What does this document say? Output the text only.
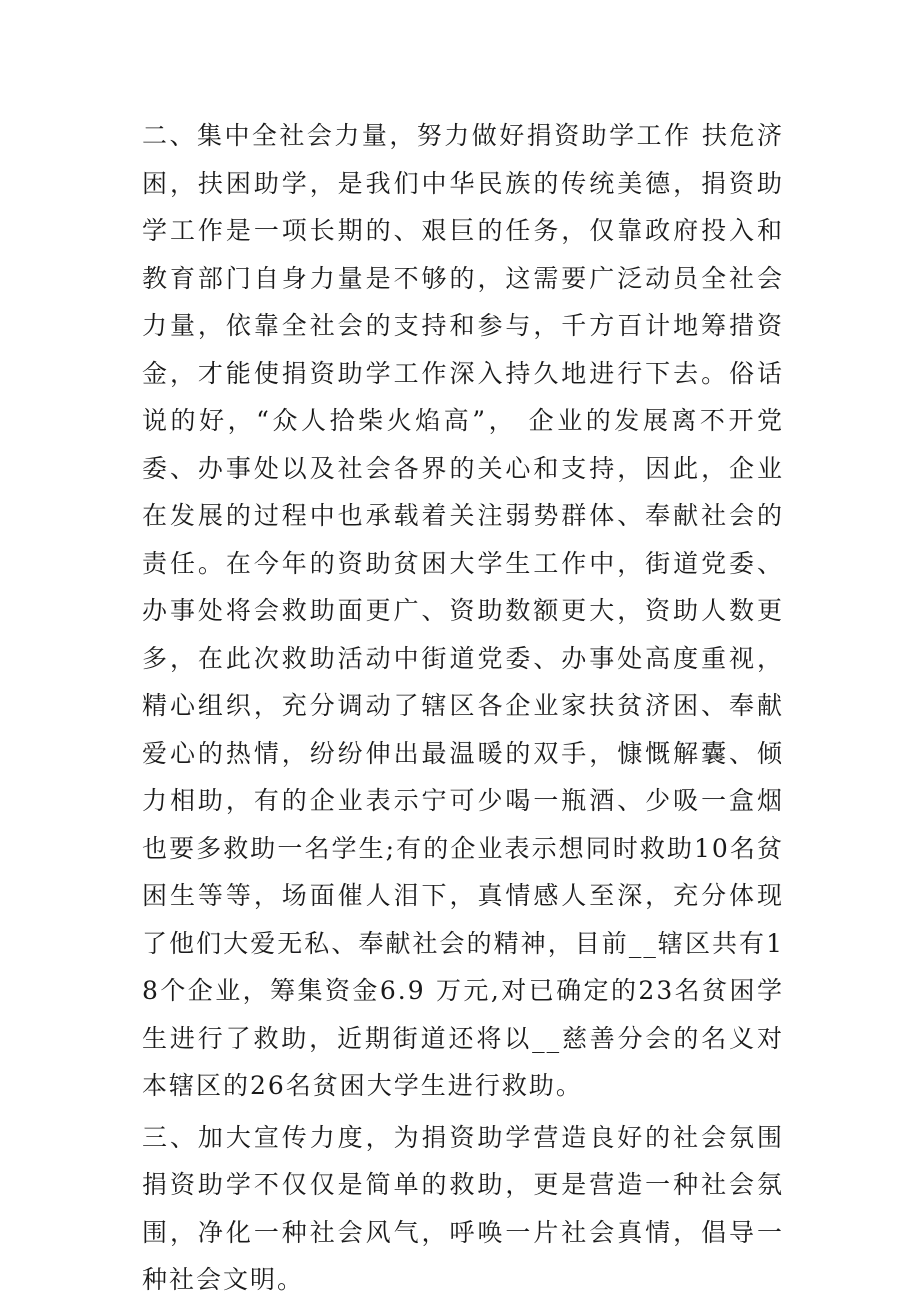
二、集中全社会力量，努力做好捐资助学工作 扶危济困，扶困助学，是我们中华民族的传统美德，捐资助学工作是一项长期的、艰巨的任务，仅靠政府投入和教育部门自身力量是不够的，这需要广泛动员全社会力量，依靠全社会的支持和参与，千方百计地筹措资金，才能使捐资助学工作深入持久地进行下去。俗话说的好，“众人拾柴火焰高”， 企业的发展离不开党委、办事处以及社会各界的关心和支持，因此，企业在发展的过程中也承载着关注弱势群体、奉献社会的责任。在今年的资助贫困大学生工作中，街道党委、办事处将会救助面更广、资助数额更大，资助人数更多，在此次救助活动中街道党委、办事处高度重视，精心组织，充分调动了辖区各企业家扶贫济困、奉献爱心的热情，纷纷伸出最温暖的双手，慷慨解囊、倾力相助，有的企业表示宁可少喝一瓶酒、少吸一盒烟也要多救助一名学生;有的企业表示想同时救助10名贫困生等等，场面催人泪下，真情感人至深，充分体现了他们大爱无私、奉献社会的精神，目前__辖区共有18个企业，筹集资金6.9 万元,对已确定的23名贫困学生进行了救助，近期街道还将以__慈善分会的名义对本辖区的26名贫困大学生进行救助。

三、加大宣传力度，为捐资助学营造良好的社会氛围 捐资助学不仅仅是简单的救助，更是营造一种社会氛围，净化一种社会风气，呼唤一片社会真情，倡导一种社会文明。
